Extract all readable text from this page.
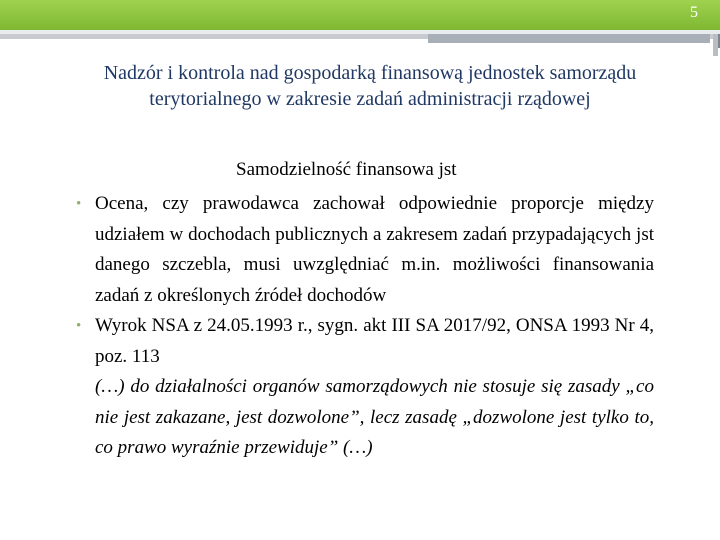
5
Nadzór i kontrola nad gospodarką finansową jednostek samorządu
terytorialnego w zakresie zadań administracji rządowej
Samodzielność finansowa jst

• Ocena, czy prawodawca zachował odpowiednie proporcje między udziałem w dochodach publicznych a zakresem zadań przypadających jst danego szczebla, musi uwzględniać m.in. możliwości finansowania zadań z określonych źródeł dochodów

• Wyrok NSA z 24.05.1993 r., sygn. akt III SA 2017/92, ONSA 1993 Nr 4, poz. 113

(…) do działalności organów samorządowych nie stosuje się zasady „co nie jest zakazane, jest dozwolone”, lecz zasadę „dozwolone jest tylko to, co prawo wyraźnie przewiduje” (…)
